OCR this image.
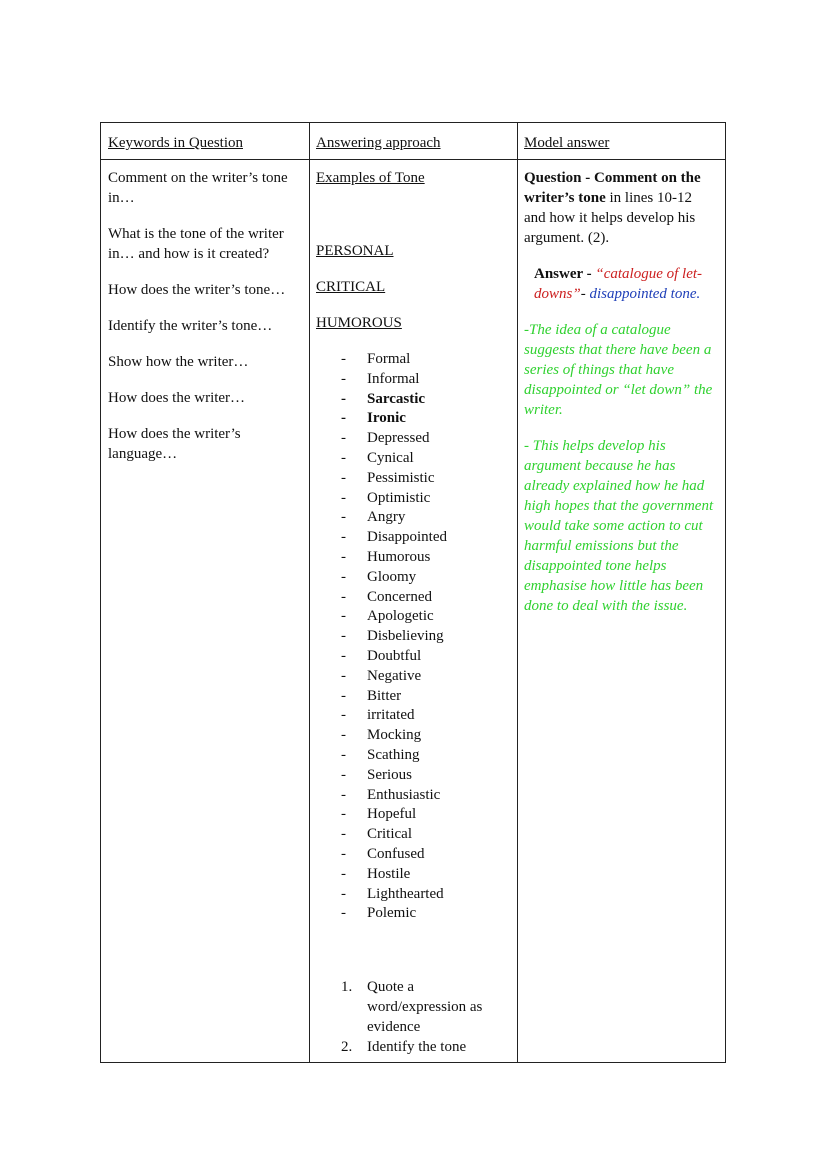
Keywords in Question	Answering approach	Model answer

Comment on the writer’s tone in…

What is the tone of the writer in… and how is it created?

How does the writer’s tone…

Identify the writer’s tone…

Show how the writer…

How does the writer…

How does the writer’s language…

Examples of Tone
PERSONAL
CRITICAL
HUMOROUS
- Formal
- Informal
- Sarcastic
- Ironic
- Depressed
- Cynical
- Pessimistic
- Optimistic
- Angry
- Disappointed
- Humorous
- Gloomy
- Concerned
- Apologetic
- Disbelieving
- Doubtful
- Negative
- Bitter
- irritated
- Mocking
- Scathing
- Serious
- Enthusiastic
- Hopeful
- Critical
- Confused
- Hostile
- Lighthearted
- Polemic
1. Quote a word/expression as evidence
2. Identify the tone

Question - Comment on the writer’s tone in lines 10-12 and how it helps develop his argument. (2).

Answer - “catalogue of let-downs”- disappointed tone.

-The idea of a catalogue suggests that there have been a series of things that have disappointed or “let down” the writer.

- This helps develop his argument because he has already explained how he had high hopes that the government would take some action to cut harmful emissions but the disappointed tone helps emphasise how little has been done to deal with the issue.
